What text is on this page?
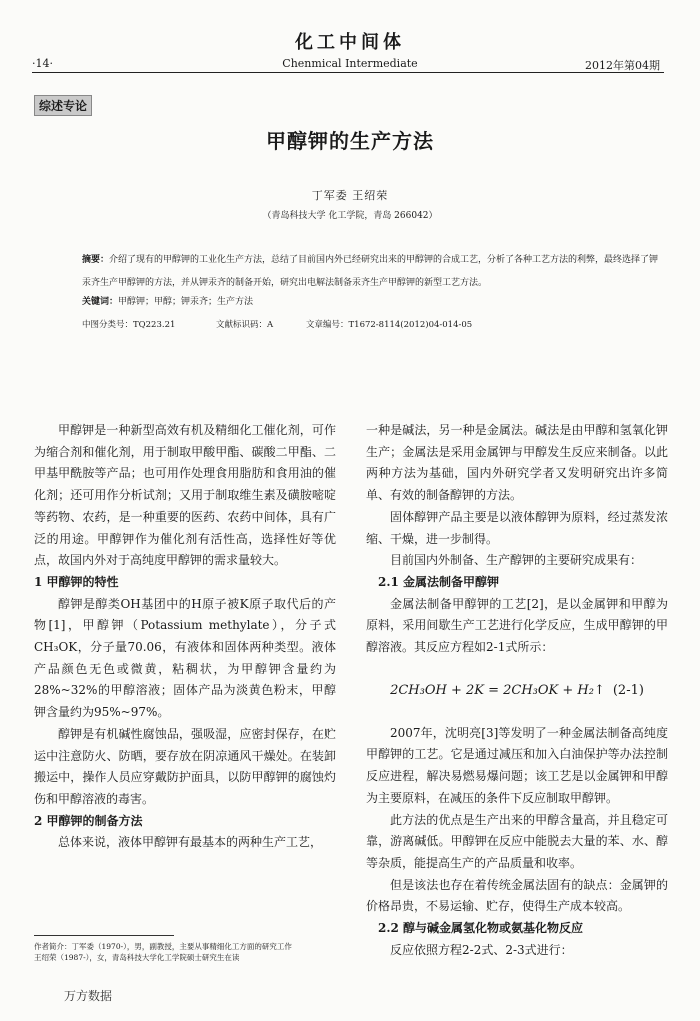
化工中间体
·14·	Chenmical Intermediate	2012年第04期
综述专论
甲醇钾的生产方法
丁军委 王绍荣
（青岛科技大学 化工学院，青岛 266042）
摘要：介绍了现有的甲醇钾的工业化生产方法，总结了目前国内外已经研究出来的甲醇钾的合成工艺，分析了各种工艺方法的利弊，最终选择了钾汞齐生产甲醇钾的方法，并从钾汞齐的制备开始，研究出电解法制备汞齐生产甲醇钾的新型工艺方法。
关键词：甲醇钾；甲醇；钾汞齐；生产方法
中图分类号：TQ223.21	文献标识码：A	文章编号：T1672-8114(2012)04-014-05

甲醇钾是一种新型高效有机及精细化工催化剂，可作为缩合剂和催化剂，用于制取甲酸甲酯、碳酸二甲酯、二甲基甲酰胺等产品；也可用作处理食用脂肪和食用油的催化剂；还可用作分析试剂；又用于制取维生素及磺胺嘧啶等药物、农药，是一种重要的医药、农药中间体，具有广泛的用途。甲醇钾作为催化剂有活性高，选择性好等优点，故国内外对于高纯度甲醇钾的需求量较大。

1 甲醇钾的特性

醇钾是醇类OH基团中的H原子被K原子取代后的产物[1]，甲醇钾（Potassium methylate），分子式CH₃OK，分子量70.06，有液体和固体两种类型。液体产品颜色无色或微黄，粘稠状，为甲醇钾含量约为28%~32%的甲醇溶液；固体产品为淡黄色粉末，甲醇钾含量约为95%~97%。

醇钾是有机碱性腐蚀品，强吸湿，应密封保存，在贮运中注意防火、防晒，要存放在阴凉通风干燥处。在装卸搬运中，操作人员应穿戴防护面具，以防甲醇钾的腐蚀灼伤和甲醇溶液的毒害。

2 甲醇钾的制备方法

总体来说，液体甲醇钾有最基本的两种生产工艺，

一种是碱法，另一种是金属法。碱法是由甲醇和氢氧化钾生产；金属法是采用金属钾与甲醇发生反应来制备。以此两种方法为基础，国内外研究学者又发明研究出许多简单、有效的制备醇钾的方法。

固体醇钾产品主要是以液体醇钾为原料，经过蒸发浓缩、干燥，进一步制得。

目前国内外制备、生产醇钾的主要研究成果有：

2.1 金属法制备甲醇钾

金属法制备甲醇钾的工艺[2]，是以金属钾和甲醇为原料，采用间歇生产工艺进行化学反应，生成甲醇钾的甲醇溶液。其反应方程如2-1式所示：

2CH₃OH + 2K = 2CH₃OK + H₂↑ (2-1)

2007年，沈明亮[3]等发明了一种金属法制备高纯度甲醇钾的工艺。它是通过减压和加入白油保护等办法控制反应进程，解决易燃易爆问题；该工艺是以金属钾和甲醇为主要原料，在减压的条件下反应制取甲醇钾。

此方法的优点是生产出来的甲醇含量高，并且稳定可靠，游离碱低。甲醇钾在反应中能脱去大量的苯、水、醇等杂质，能提高生产的产品质量和收率。

但是该法也存在着传统金属法固有的缺点：金属钾的价格昂贵，不易运输、贮存，使得生产成本较高。

2.2 醇与碱金属氢化物或氨基化物反应

反应依照方程2-2式、2-3式进行：

作者简介：丁军委（1970-），男，副教授，主要从事精细化工方面的研究工作
王绍荣（1987-），女，青岛科技大学化工学院硕士研究生在读
万方数据
